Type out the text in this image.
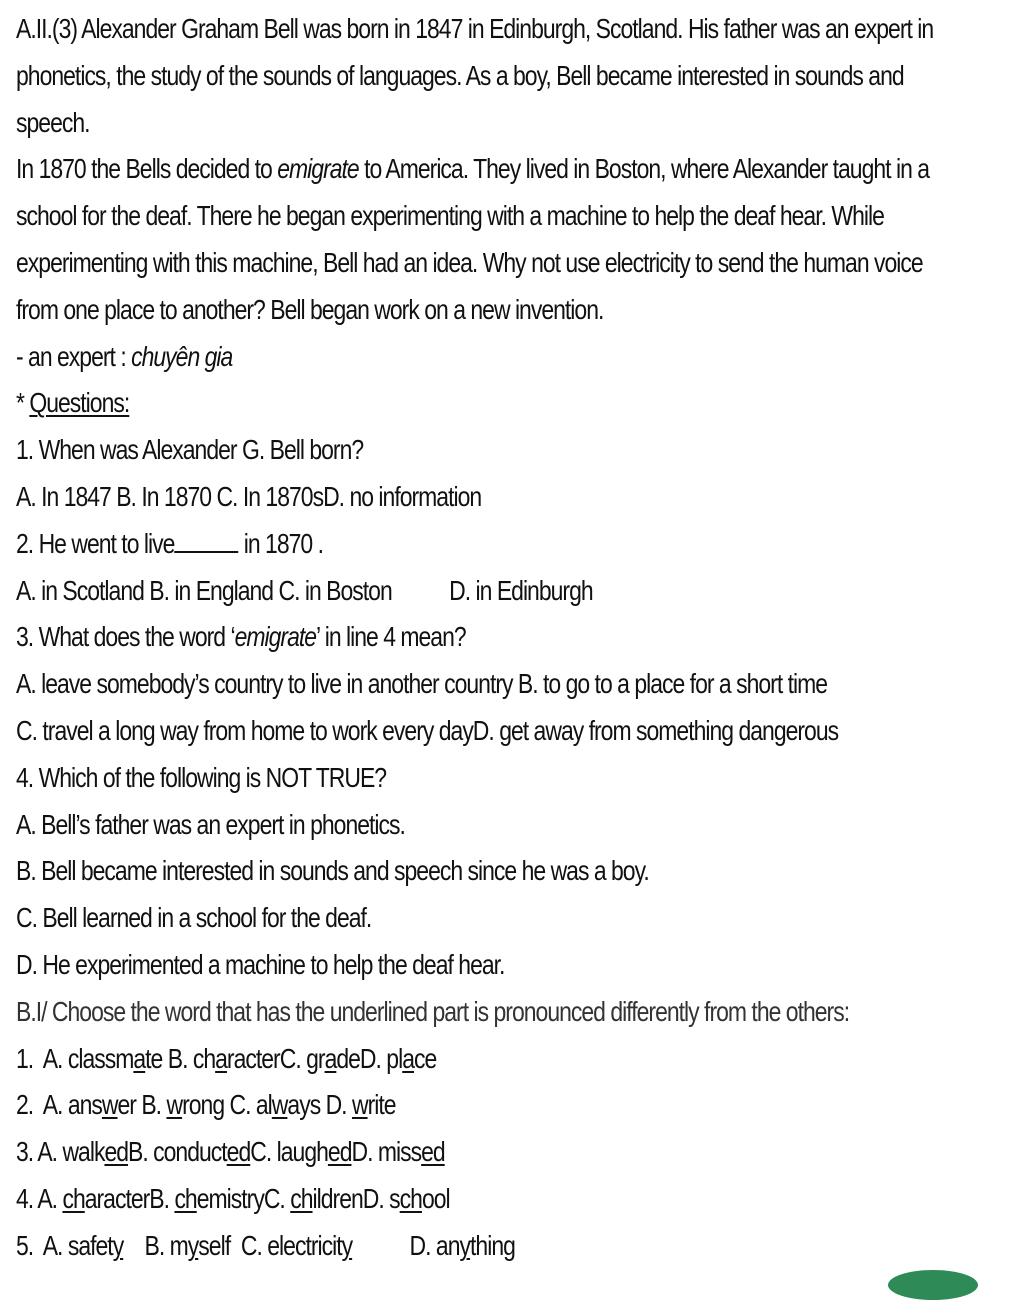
A.II.(3) Alexander Graham Bell was born in 1847 in Edinburgh, Scotland. His father was an expert in
phonetics, the study of the sounds of languages. As a boy, Bell became interested in sounds and
speech.
In 1870 the Bells decided to emigrate to America. They lived in Boston, where Alexander taught in a
school for the deaf. There he began experimenting with a machine to help the deaf hear. While
experimenting with this machine, Bell had an idea. Why not use electricity to send the human voice
from one place to another? Bell began work on a new invention.
- an expert : chuyên gia
* Questions:
1. When was Alexander G. Bell born?
A. In 1847 B. In 1870 C. In 1870sD. no information
2. He went to live in 1870 .
A. in Scotland B. in England C. in Boston D. in Edinburgh
3. What does the word ‘emigrate’ in line 4 mean?
A. leave somebody’s country to live in another country B. to go to a place for a short time
C. travel a long way from home to work every dayD. get away from something dangerous
4. Which of the following is NOT TRUE?
A. Bell’s father was an expert in phonetics.
B. Bell became interested in sounds and speech since he was a boy.
C. Bell learned in a school for the deaf.
D. He experimented a machine to help the deaf hear.
B.I/ Choose the word that has the underlined part is pronounced differently from the others:
1.  A. classmate B. characterC. gradeD. place
2.  A. answer B. wrong C. always D. write
3. A. walkedB. conductedC. laughedD. missed
4. A. characterB. chemistryC. childrenD. school
5.  A. safety B. myself  C. electricity D. anything
